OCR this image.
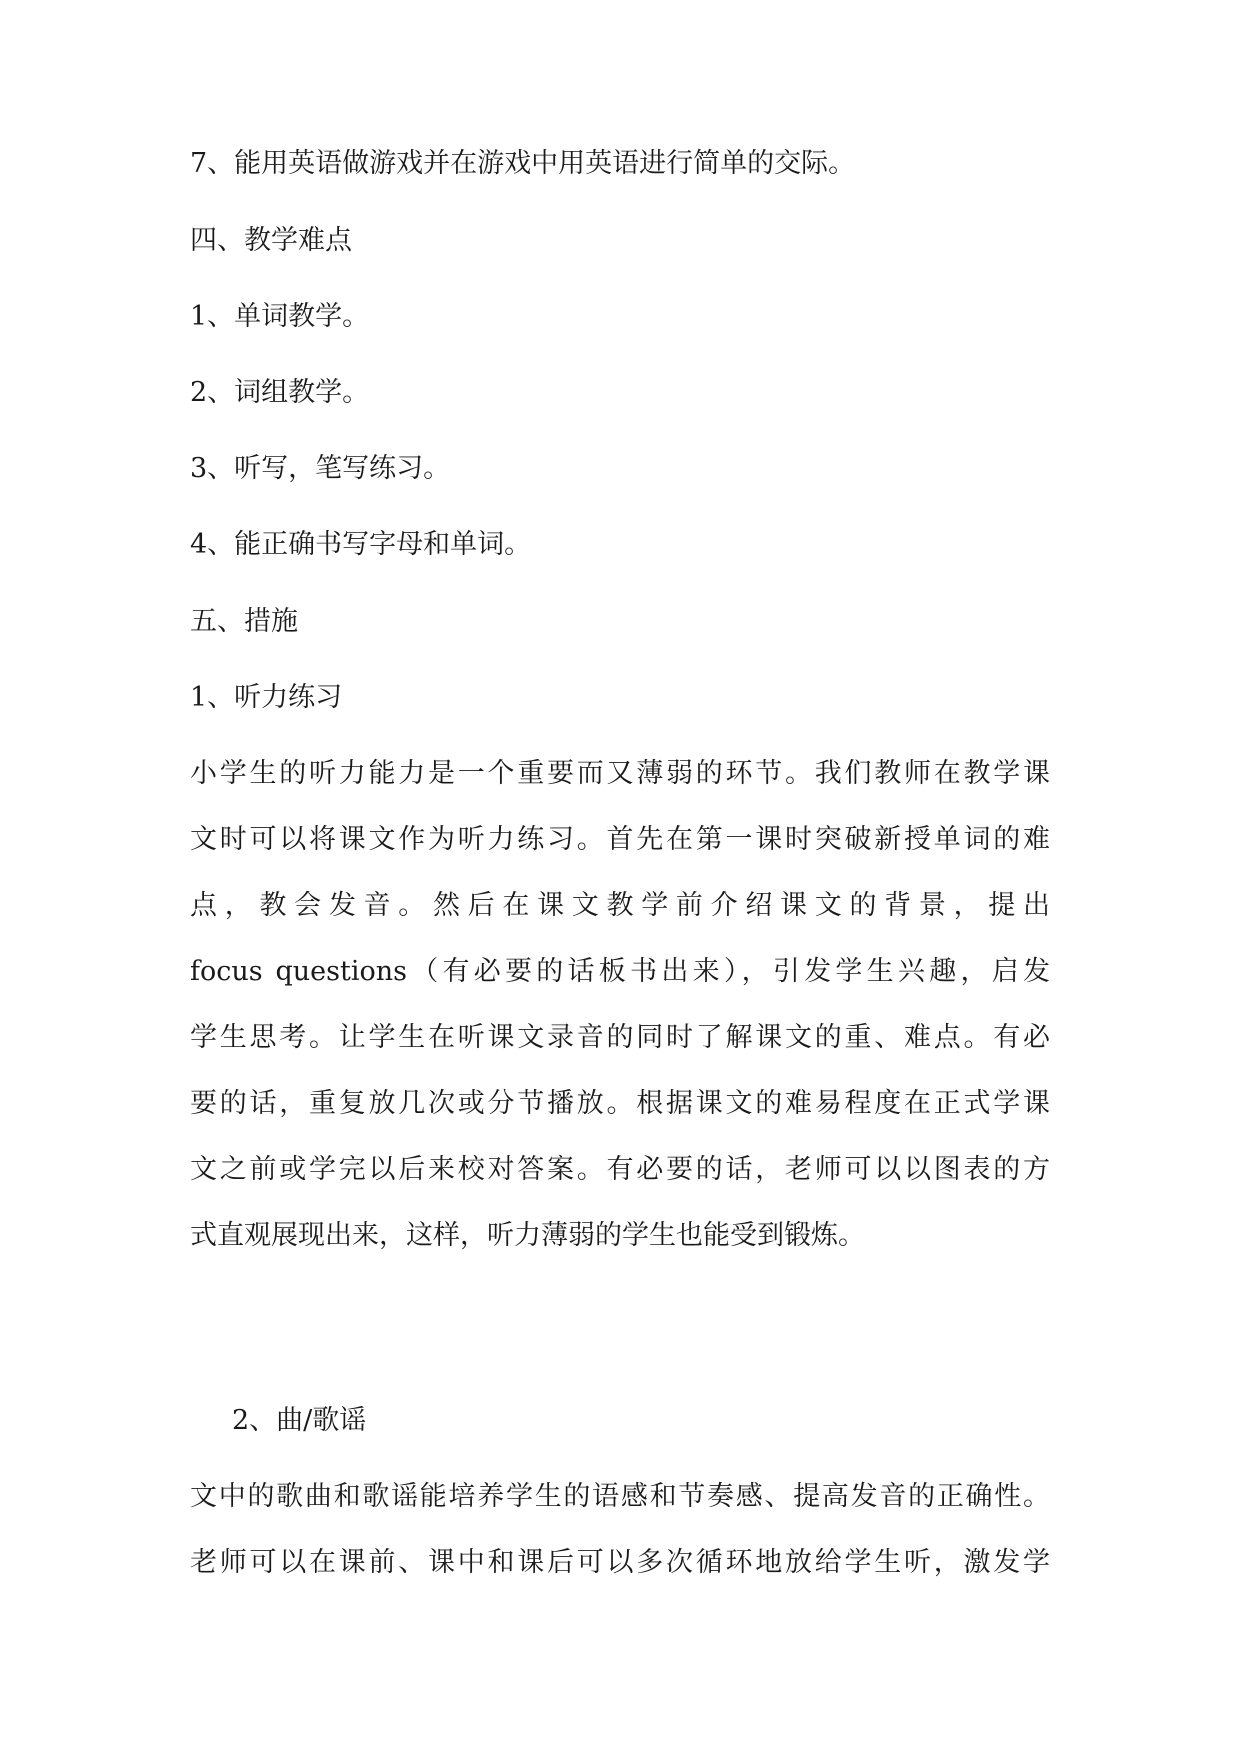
7、能用英语做游戏并在游戏中用英语进行简单的交际。
四、教学难点
1、单词教学。
2、词组教学。
3、听写，笔写练习。
4、能正确书写字母和单词。
五、措施
1、听力练习
小学生的听力能力是一个重要而又薄弱的环节。我们教师在教学课
文时可以将课文作为听力练习。首先在第一课时突破新授单词的难
点，教会发音。然后在课文教学前介绍课文的背景，提出
focus questions（有必要的话板书出来），引发学生兴趣，启发
学生思考。让学生在听课文录音的同时了解课文的重、难点。有必
要的话，重复放几次或分节播放。根据课文的难易程度在正式学课
文之前或学完以后来校对答案。有必要的话，老师可以以图表的方
式直观展现出来，这样，听力薄弱的学生也能受到锻炼。
2、曲/歌谣
文中的歌曲和歌谣能培养学生的语感和节奏感、提高发音的正确性。
老师可以在课前、课中和课后可以多次循环地放给学生听，激发学
